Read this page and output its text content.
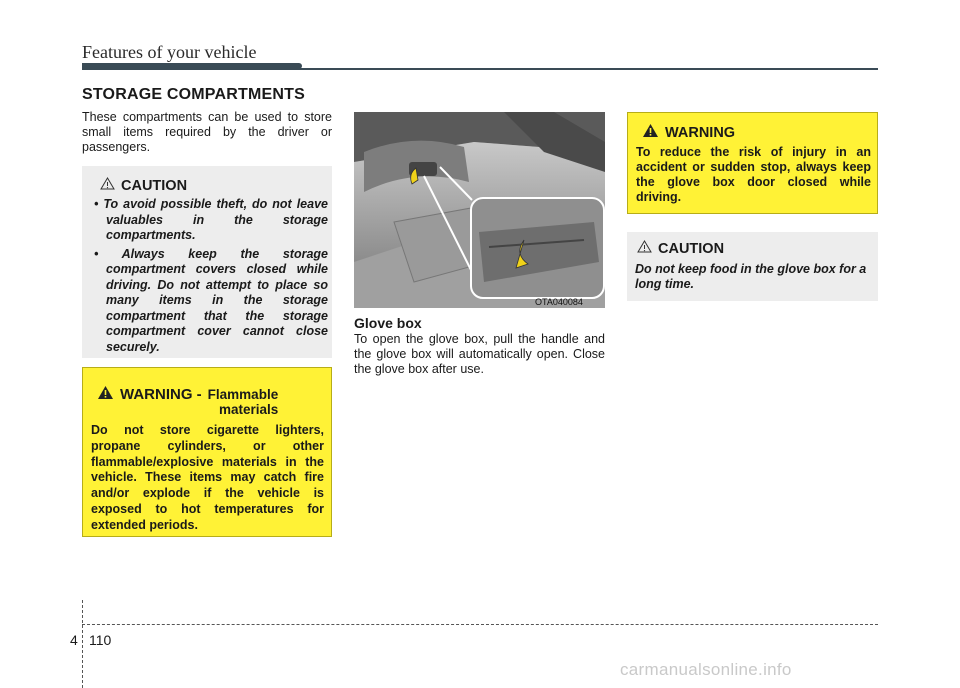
Features of your vehicle
STORAGE COMPARTMENTS
These compartments can be used to store small items required by the driver or passengers.
CAUTION
• To avoid possible theft, do not leave valuables in the storage compartments.
• Always keep the storage compartment covers closed while driving. Do not attempt to place so many items in the storage compartment that the storage compartment cover cannot close securely.
WARNING - Flammable
materials
Do not store cigarette lighters, propane cylinders, or other flammable/explosive materials in the vehicle. These items may catch fire and/or explode if the vehicle is exposed to hot temperatures for extended periods.
OTA040084
Glove box
To open the glove box, pull the handle and the glove box will automatically open. Close the glove box after use.
WARNING
To reduce the risk of injury in an accident or sudden stop, always keep the glove box door closed while driving.
CAUTION
Do not keep food in the glove box for a long time.
4 110
carmanualsonline.info
